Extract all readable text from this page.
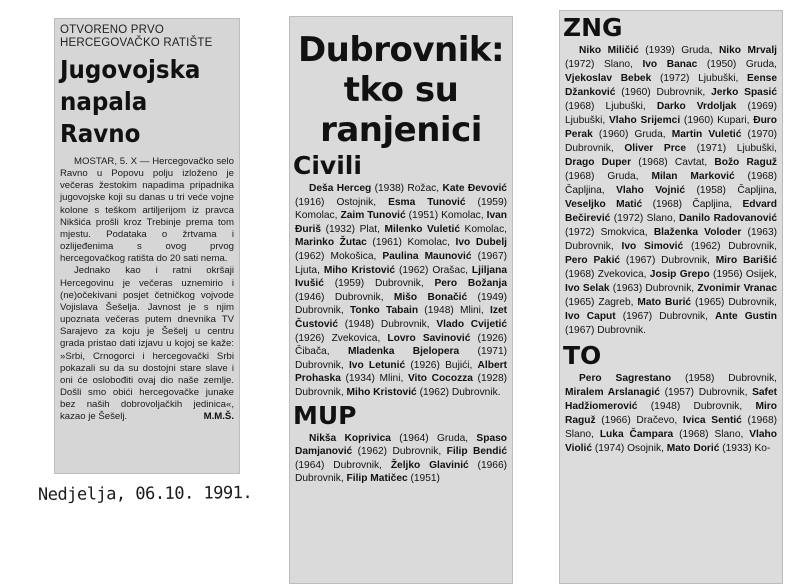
OTVORENO PRVO
HERCEGOVAČKO RATIŠTE
Jugovojska
napala Ravno

MOSTAR, 5. X — Hercegovačko selo Ravno u Popovu polju izloženo je večeras žestokim napadima pripadnika jugovojske koji su danas u tri veće vojne kolone s teškom artiljerijom iz pravca Nikšića prošli kroz Trebinje prema tom mjestu. Podataka o žrtvama i ozlijeđenima s ovog prvog hercegovačkog ratišta do 20 sati nema.

Jednako kao i ratni okršaji Hercegovinu je večeras uznemirio i (ne)očekivani posjet četničkog vojvode Vojislava Šešelja. Javnost je s njim upoznata večeras putem dnevnika TV Sarajevo za koju je Šešelj u centru grada pristao dati izjavu u kojoj se kaže: »Srbi, Crnogorci i hercegovački Srbi pokazali su da su dostojni stare slave i oni će oslobođiti ovaj dio naše zemlje. Došli smo obići hercegovačke junake bez naših dobrovoljačkih jedinica«, kazao je Šešelj.	M.M.Š.
Nedjelja, 06.10. 1991.
Dubrovnik:
tko su
ranjenici
Civili

Deša Herceg (1938) Rožac, Kate Đevović (1916) Ostojnik, Esma Tunović (1959) Komolac, Zaim Tunović (1951) Komolac, Ivan Đuriš (1932) Plat, Milenko Vuletić Komolac, Marinko Žutac (1961) Komolac, Ivo Dubelj (1962) Mokošica, Paulina Maunović (1967) Ljuta, Miho Kristović (1962) Orašac, Ljiljana Ivušić (1959) Dubrovnik, Pero Božanja (1946) Dubrovnik, Mišo Bonačić (1949) Dubrovnik, Tonko Tabain (1948) Mlini, Izet Čustović (1948) Dubrovnik, Vlado Cvijetić (1926) Zvekovica, Lovro Savinović (1926) Čibača, Mladenka Bjelopera (1971) Dubrovnik, Ivo Letunić (1926) Bujići, Albert Prohaska (1934) Mlini, Vito Cocozza (1928) Dubrovnik, Miho Kristović (1962) Dubrovnik.

MUP

Nikša Koprivica (1964) Gruda, Spaso Damjanović (1962) Dubrovnik, Filip Bendić (1964) Dubrovnik, Željko Glavinić (1966) Dubrovnik, Filip Matičec (1951)

ZNG

Niko Miličić (1939) Gruda, Niko Mrvalj (1972) Slano, Ivo Banac (1950) Gruda, Vjekoslav Bebek (1972) Ljubuški, Eense Džanković (1960) Dubrovnik, Jerko Spasić (1968) Ljubuški, Darko Vrdoljak (1969) Ljubuški, Vlaho Srijemci (1960) Kupari, Đuro Perak (1960) Gruda, Martin Vuletić (1970) Dubrovnik, Oliver Prce (1971) Ljubuški, Drago Duper (1968) Cavtat, Božo Raguž (1968) Gruda, Milan Marković (1968) Čapljina, Vlaho Vojnić (1958) Čapljina, Veseljko Matić (1968) Čapljina, Edvard Bečirević (1972) Slano, Danilo Radovanović (1972) Smokvica, Blaženka Voloder (1963) Dubrovnik, Ivo Simović (1962) Dubrovnik, Pero Pakić (1967) Dubrovnik, Miro Barišić (1968) Zvekovica, Josip Grepo (1956) Osijek, Ivo Selak (1963) Dubrovnik, Zvonimir Vranac (1965) Zagreb, Mato Burić (1965) Dubrovnik, Ivo Caput (1967) Dubrovnik, Ante Gustin (1967) Dubrovnik.

TO

Pero Sagrestano (1958) Dubrovnik, Miralem Arslanagić (1957) Dubrovnik, Safet Hadžiomerović (1948) Dubrovnik, Miro Raguž (1966) Dračevo, Ivica Sentić (1968) Slano, Luka Čampara (1968) Slano, Vlaho Violić (1974) Osojnik, Mato Dorić (1933) Ko-
